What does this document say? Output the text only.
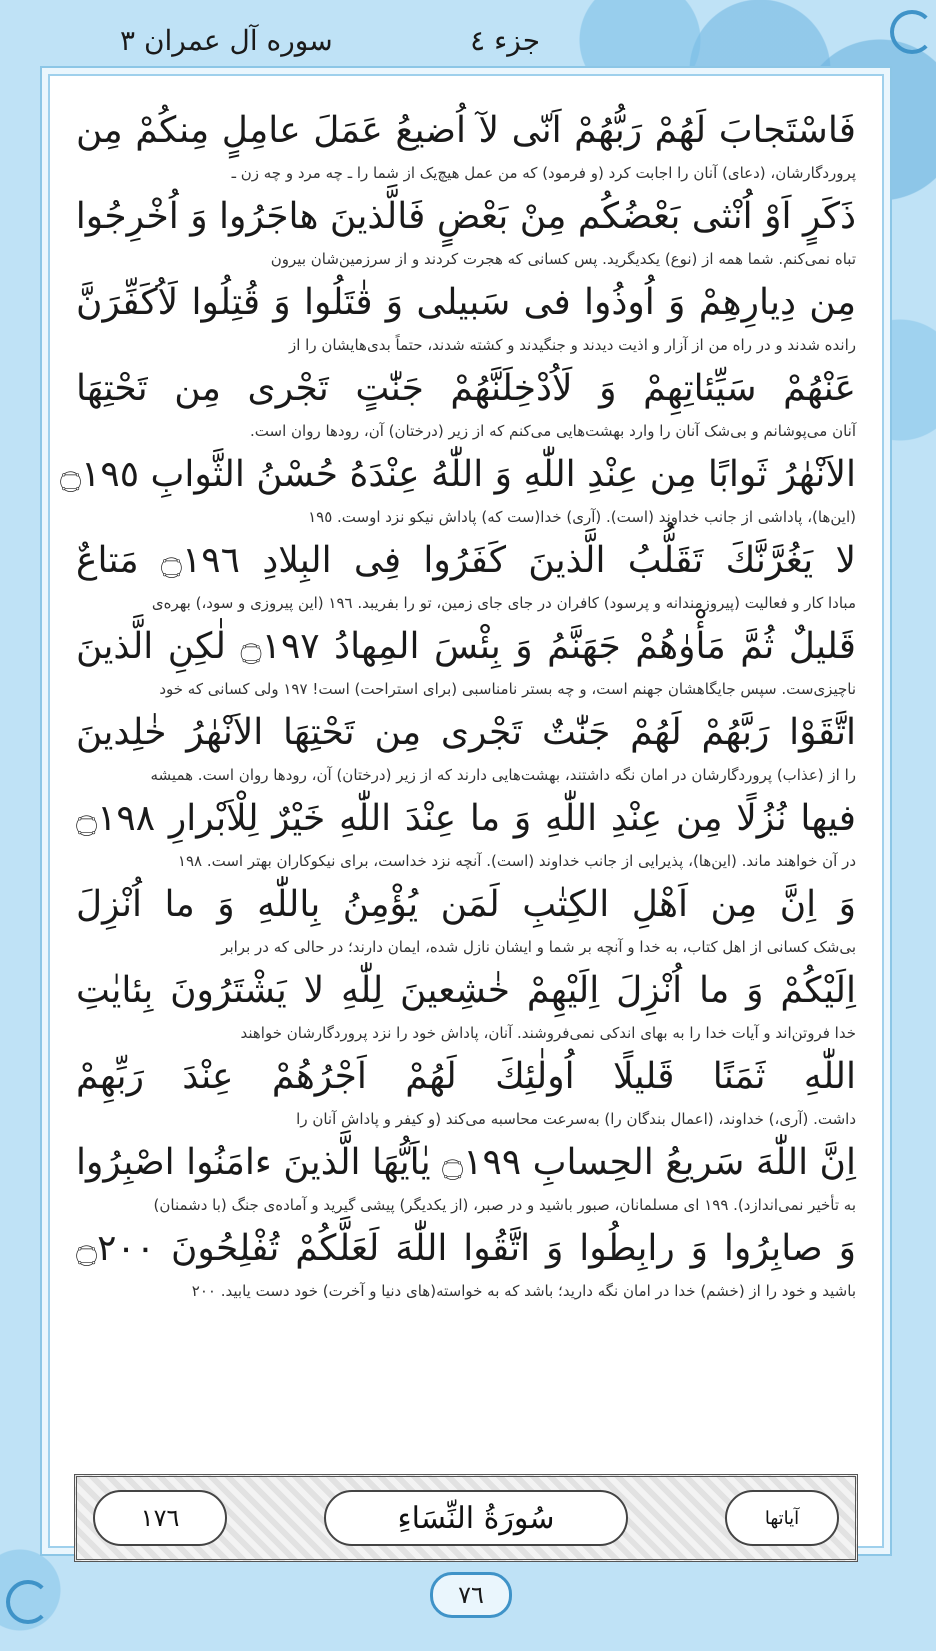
جزء ٤
سوره آل عمران ٣
فَاسْتَجابَ لَهُمْ رَبُّهُمْ اَنّى لآ اُضيعُ عَمَلَ عامِلٍ مِنكُمْ مِن
پروردگارشان، (دعای) آنان را اجابت کرد (و فرمود) که من عمل هیچ‌یک از شما را ـ چه مرد و چه زن ـ
ذَكَرٍ اَوْ اُنْثى بَعْضُكُم مِنْ بَعْضٍ فَالَّذينَ هاجَرُوا وَ اُخْرِجُوا
تباه نمی‌کنم. شما همه از (نوع) یکدیگرید. پس کسانی که هجرت کردند و از سرزمین‌شان بیرون
مِن دِيارِهِمْ وَ اُوذُوا فى سَبيلى وَ قٰتَلُوا وَ قُتِلُوا لَاُكَفِّرَنَّ
رانده شدند و در راه من از آزار و اذیت دیدند و جنگیدند و کشته شدند، حتماً بدی‌هایشان را از
عَنْهُمْ سَيِّئاتِهِمْ وَ لَاُدْخِلَنَّهُمْ جَنّٰتٍ تَجْرى مِن تَحْتِهَا
آنان می‌پوشانم و بی‌شک آنان را وارد بهشت‌هایی می‌کنم که از زیر (درختان) آن، رودها روان است.
الاَنْهٰرُ ثَوابًا مِن عِنْدِ اللّٰهِ وَ اللّٰهُ عِنْدَهُ حُسْنُ الثَّوابِ ۝١٩٥
(این‌ها)، پاداشی از جانب خداوند (است). (آری) خدا(ست که) پاداش نیکو نزد اوست. ١٩٥
لا يَغُرَّنَّكَ تَقَلُّبُ الَّذينَ كَفَرُوا فِى البِلادِ ۝١٩٦ مَتاعٌ
مبادا کار و فعالیت (پیروزمندانه و پرسود) کافران در جای جای زمین، تو را بفریبد. ١٩٦ (این پیروزی و سود،) بهره‌ی
قَليلٌ ثُمَّ مَأْوٰهُمْ جَهَنَّمُ وَ بِئْسَ المِهادُ ۝١٩٧ لٰكِنِ الَّذينَ
ناچیزی‌ست. سپس جایگاهشان جهنم است، و چه بستر نامناسبی (برای استراحت) است! ١٩٧ ولی کسانی که خود
اتَّقَوْا رَبَّهُمْ لَهُمْ جَنّٰتٌ تَجْرى مِن تَحْتِهَا الاَنْهٰرُ خٰلِدينَ
را از (عذاب) پروردگارشان در امان نگه داشتند، بهشت‌هایی دارند که از زیر (درختان) آن، رودها روان است. همیشه
فيها نُزُلًا مِن عِنْدِ اللّٰهِ وَ ما عِنْدَ اللّٰهِ خَيْرٌ لِلْاَبْرارِ ۝١٩٨
در آن خواهند ماند. (این‌ها)، پذیرایی از جانب خداوند (است). آنچه نزد خداست، برای نیکوکاران بهتر است. ١٩٨
وَ اِنَّ مِن اَهْلِ الكِتٰبِ لَمَن يُؤْمِنُ بِاللّٰهِ وَ ما اُنْزِلَ
بی‌شک کسانی از اهل کتاب، به خدا و آنچه بر شما و ایشان نازل شده، ایمان دارند؛ در حالی که در برابر
اِلَيْكُمْ وَ ما اُنْزِلَ اِلَيْهِمْ خٰشِعينَ لِلّٰهِ لا يَشْتَرُونَ بِئايٰتِ
خدا فروتن‌اند و آیات خدا را به بهای اندکی نمی‌فروشند. آنان، پاداش خود را نزد پروردگارشان خواهند
اللّٰهِ ثَمَنًا قَليلًا اُولٰئِكَ لَهُمْ اَجْرُهُمْ عِنْدَ رَبِّهِمْ
داشت. (آری،) خداوند، (اعمال بندگان را) به‌سرعت محاسبه می‌کند (و کیفر و پاداش آنان را
اِنَّ اللّٰهَ سَريعُ الحِسابِ ۝١٩٩ يٰاَيُّهَا الَّذينَ ءامَنُوا اصْبِرُوا
به تأخیر نمی‌اندازد). ١٩٩ ای مسلمانان، صبور باشید و در صبر، (از یکدیگر) پیشی گیرید و آماده‌ی جنگ (با دشمنان)
وَ صابِرُوا وَ رابِطُوا وَ اتَّقُوا اللّٰهَ لَعَلَّكُمْ تُفْلِحُونَ ۝٢٠٠
باشید و خود را از (خشم) خدا در امان نگه دارید؛ باشد که به خواسته(های دنیا و آخرت) خود دست یابید. ٢٠٠
آیاتها
سُورَةُ النِّسَاءِ
١٧٦
٧٦
